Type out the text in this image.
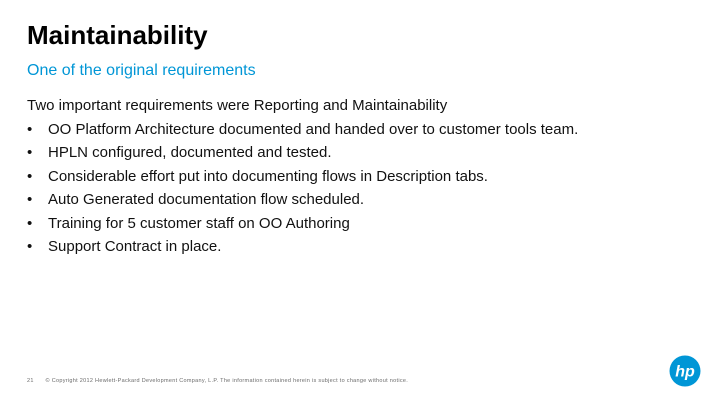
Maintainability
One of the original requirements
Two important requirements were Reporting and Maintainability
•	OO Platform Architecture documented and handed over to customer tools team.
•	HPLN configured, documented and tested.
•	Considerable effort put into documenting flows in Description tabs.
•	Auto Generated documentation flow scheduled.
•	Training for 5 customer staff on OO Authoring
•	Support Contract in place.
21 © Copyright 2012 Hewlett-Packard Development Company, L.P. The information contained herein is subject to change without notice.
hp
